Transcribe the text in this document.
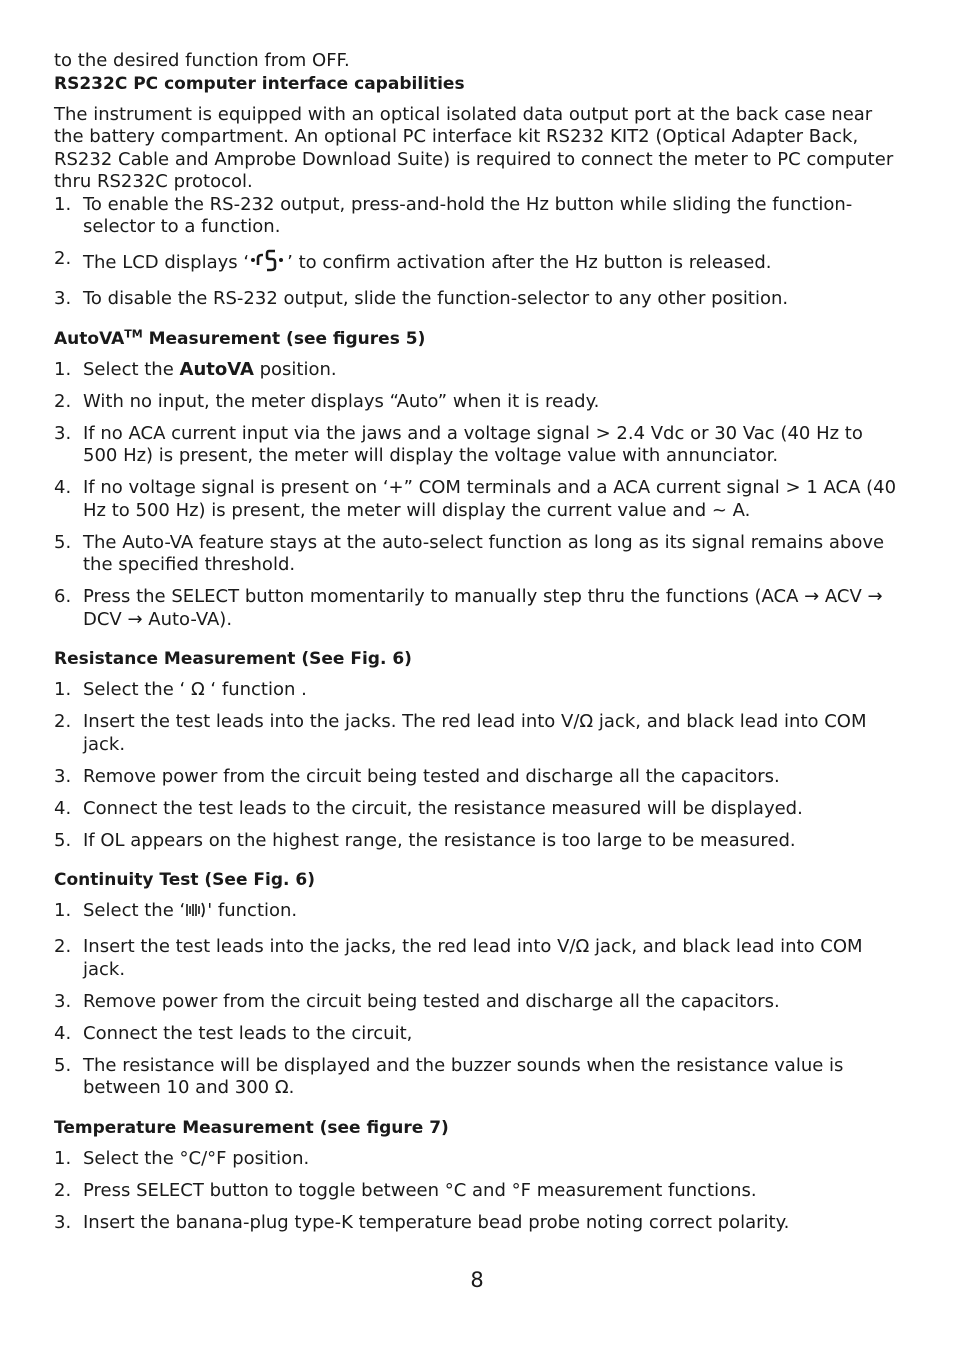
to the desired function from OFF.

RS232C PC computer interface capabilities

The instrument is equipped with an optical isolated data output port at the back case near the battery compartment. An optional PC interface kit RS232 KIT2 (Optical Adapter Back, RS232 Cable and Amprobe Download Suite) is required to connect the meter to PC computer thru RS232C protocol.

1. To enable the RS-232 output, press-and-hold the Hz button while sliding the function-selector to a function.
2. The LCD displays ‘ ’ to confirm activation after the Hz button is released.
3. To disable the RS-232 output, slide the function-selector to any other position.
AutoVA™ Measurement (see figures 5)
1. Select the AutoVA position.
2. With no input, the meter displays “Auto” when it is ready.
3. If no ACA current input via the jaws and a voltage signal > 2.4 Vdc or 30 Vac (40 Hz to 500 Hz) is present, the meter will display the voltage value with annunciator.
4. If no voltage signal is present on ‘+” COM terminals and a ACA current signal > 1 ACA (40 Hz to 500 Hz) is present, the meter will display the current value and ~ A.
5. The Auto-VA feature stays at the auto-select function as long as its signal remains above the specified threshold.
6. Press the SELECT button momentarily to manually step thru the functions (ACA → ACV → DCV → Auto-VA).
Resistance Measurement (See Fig. 6)
1. Select the ‘ Ω ‘ function .
2. Insert the test leads into the jacks. The red lead into V/Ω jack, and black lead into COM jack.
3. Remove power from the circuit being tested and discharge all the capacitors.
4. Connect the test leads to the circuit, the resistance measured will be displayed.
5. If OL appears on the highest range, the resistance is too large to be measured.
Continuity Test (See Fig. 6)
1. Select the ‘ ' function.
2. Insert the test leads into the jacks, the red lead into V/Ω jack, and black lead into COM jack.
3. Remove power from the circuit being tested and discharge all the capacitors.
4. Connect the test leads to the circuit,
5. The resistance will be displayed and the buzzer sounds when the resistance value is between 10 and 300 Ω.
Temperature Measurement (see figure 7)
1. Select the °C/°F position.
2. Press SELECT button to toggle between °C and °F measurement functions.
3. Insert the banana-plug type-K temperature bead probe noting correct polarity.
8
